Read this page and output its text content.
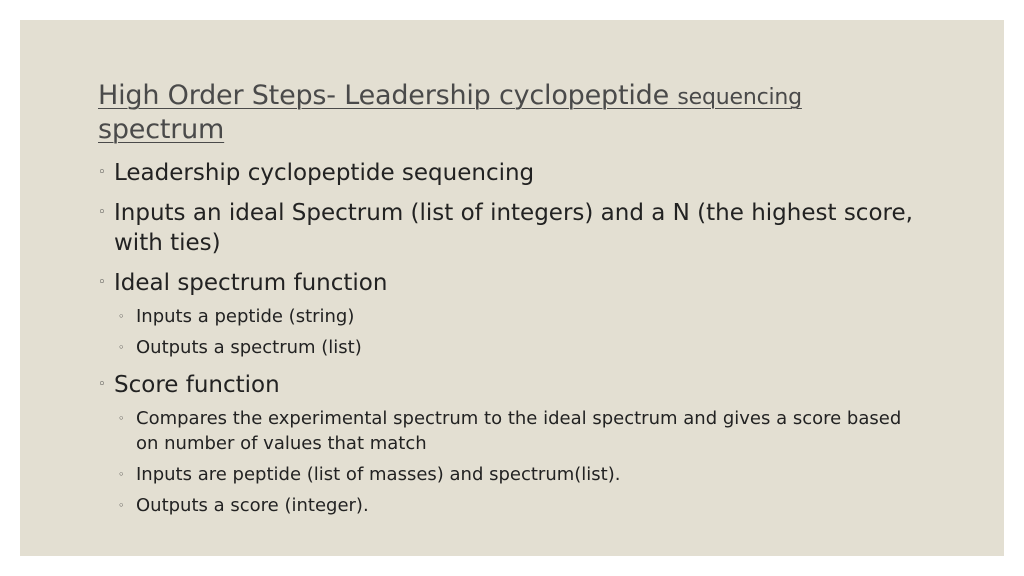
High Order Steps- Leadership cyclopeptide sequencing spectrum
◦ Leadership cyclopeptide sequencing
◦ Inputs an ideal Spectrum (list of integers) and a N (the highest score, with ties)
◦ Ideal spectrum function
◦ Inputs a peptide (string)
◦ Outputs a spectrum (list)
◦ Score function
◦ Compares the experimental spectrum to the ideal spectrum and gives a score based on number of values that match
◦ Inputs are peptide (list of masses) and spectrum(list).
◦ Outputs a score (integer).
